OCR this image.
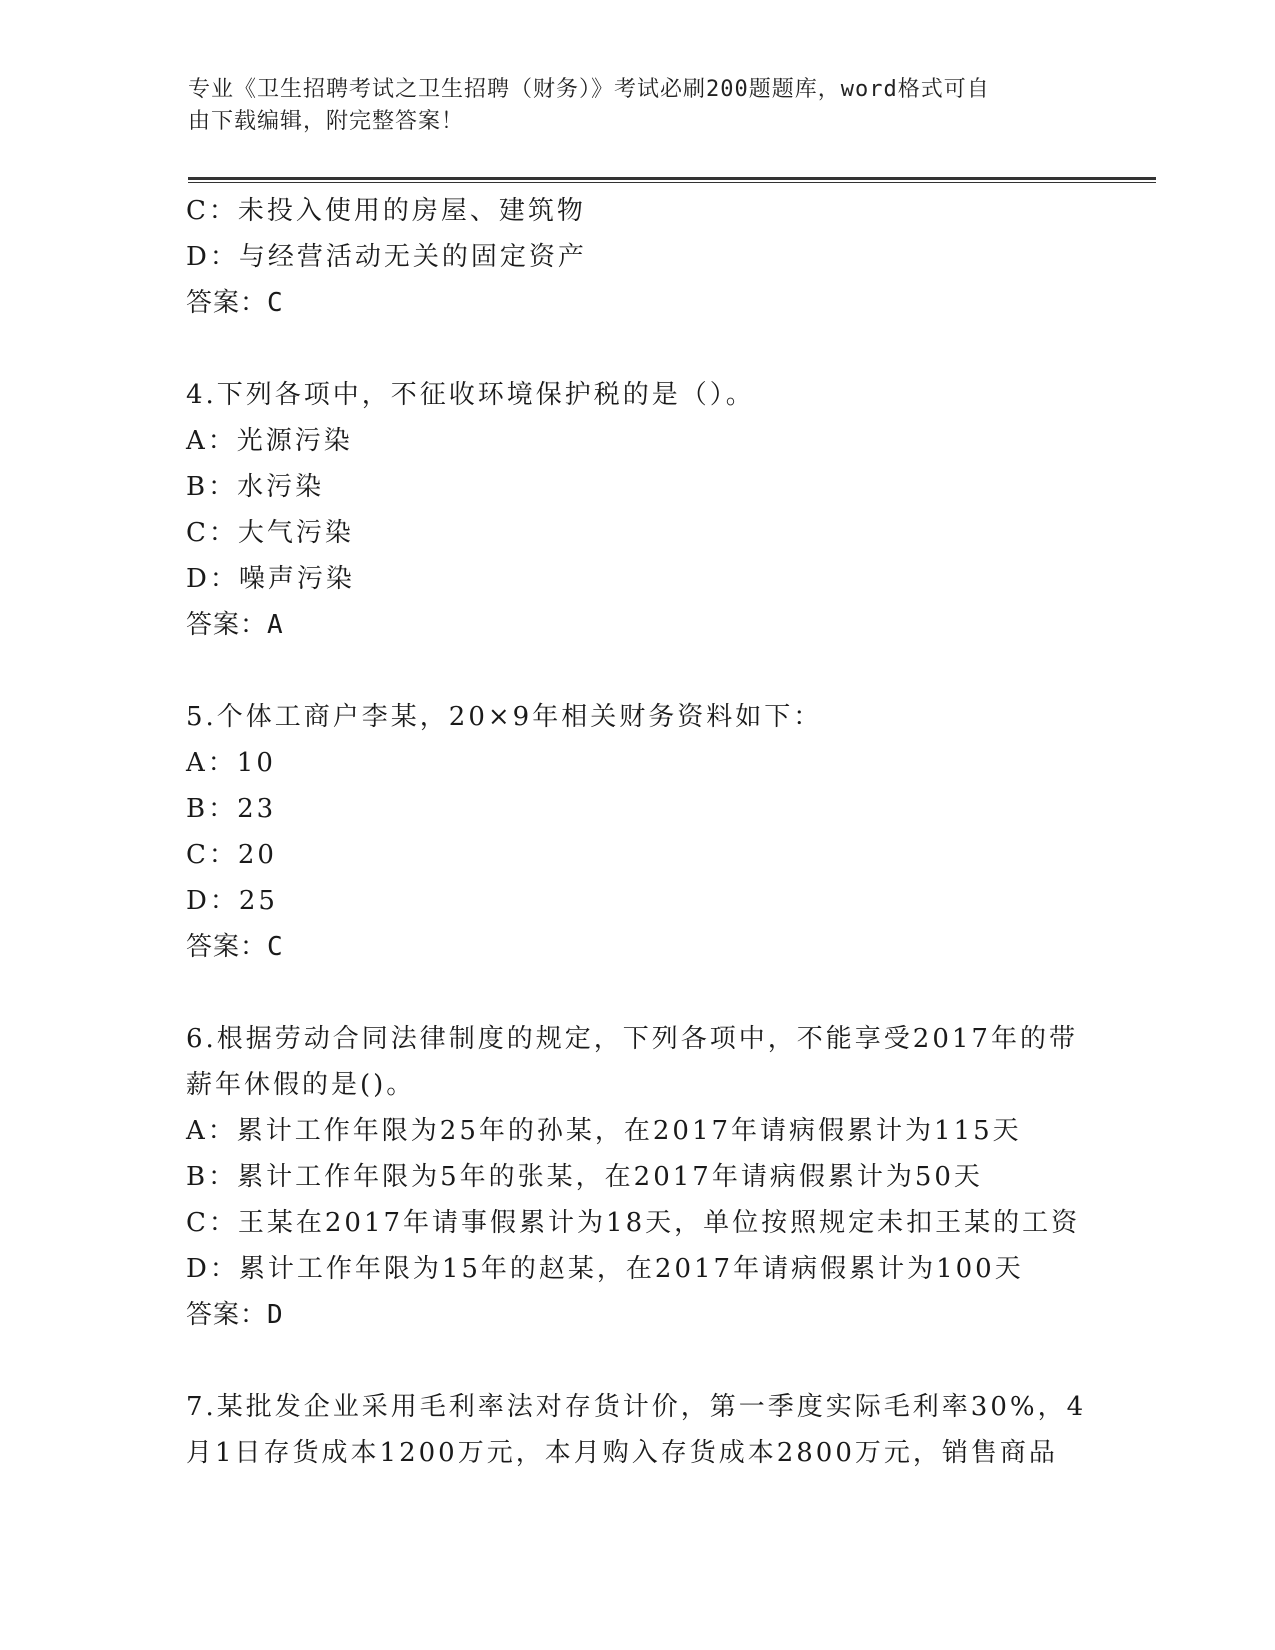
专业《卫生招聘考试之卫生招聘（财务）》考试必刷200题题库，word格式可自
由下载编辑，附完整答案！
C：未投入使用的房屋、建筑物
D：与经营活动无关的固定资产
答案：C
4.下列各项中，不征收环境保护税的是（）。
A：光源污染
B：水污染
C：大气污染
D：噪声污染
答案：A
5.个体工商户李某，20×9年相关财务资料如下：
A：10
B：23
C：20
D：25
答案：C
6.根据劳动合同法律制度的规定，下列各项中，不能享受2017年的带
薪年休假的是()。
A：累计工作年限为25年的孙某，在2017年请病假累计为115天
B：累计工作年限为5年的张某，在2017年请病假累计为50天
C：王某在2017年请事假累计为18天，单位按照规定未扣王某的工资
D：累计工作年限为15年的赵某，在2017年请病假累计为100天
答案：D
7.某批发企业采用毛利率法对存货计价，第一季度实际毛利率30%，4
月1日存货成本1200万元，本月购入存货成本2800万元，销售商品
